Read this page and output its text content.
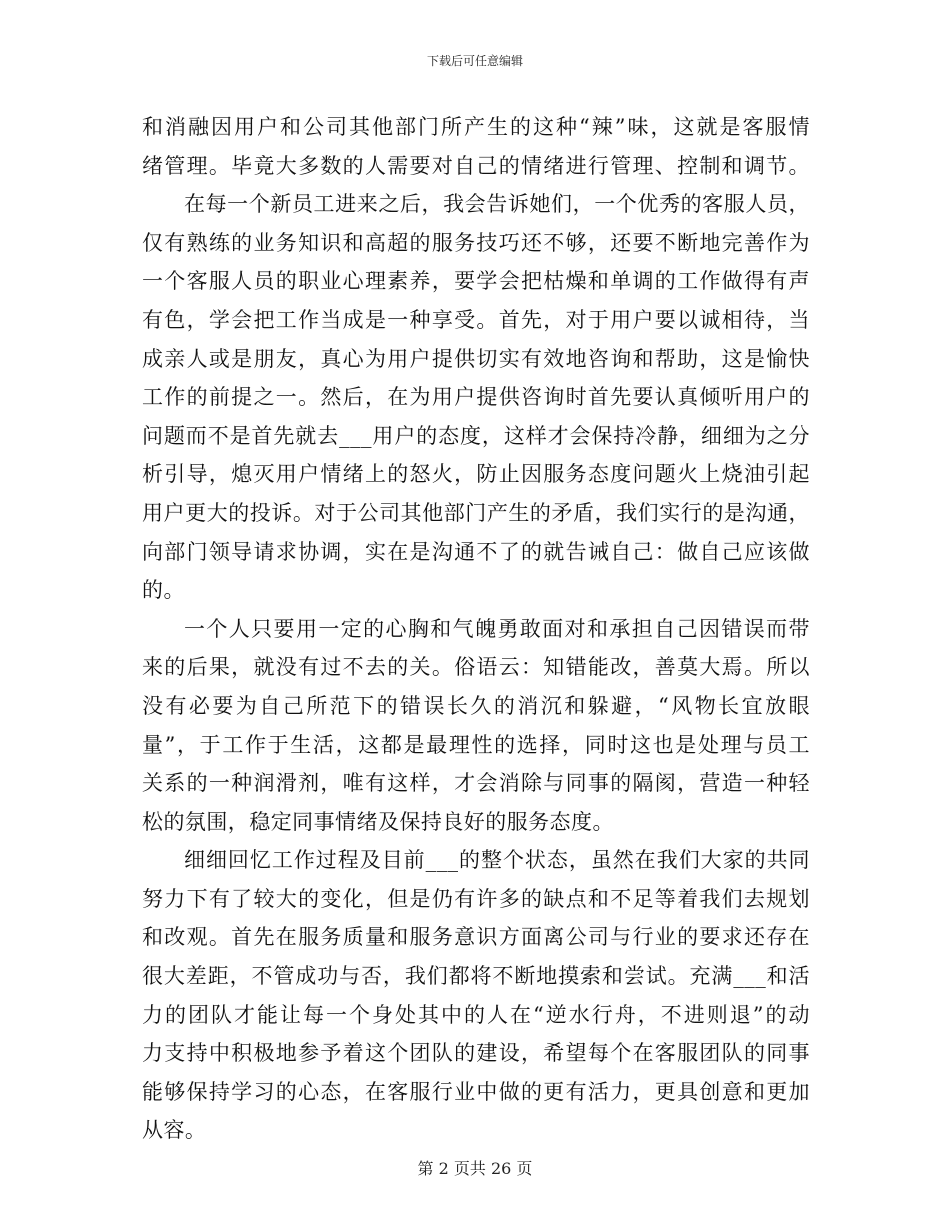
下载后可任意编辑
和消融因用户和公司其他部门所产生的这种“辣”味，这就是客服情
绪管理。毕竟大多数的人需要对自己的情绪进行管理、控制和调节。
在每一个新员工进来之后，我会告诉她们，一个优秀的客服人员，
仅有熟练的业务知识和高超的服务技巧还不够，还要不断地完善作为
一个客服人员的职业心理素养，要学会把枯燥和单调的工作做得有声
有色，学会把工作当成是一种享受。首先，对于用户要以诚相待，当
成亲人或是朋友，真心为用户提供切实有效地咨询和帮助，这是愉快
工作的前提之一。然后，在为用户提供咨询时首先要认真倾听用户的
问题而不是首先就去___用户的态度，这样才会保持冷静，细细为之分
析引导，熄灭用户情绪上的怒火，防止因服务态度问题火上烧油引起
用户更大的投诉。对于公司其他部门产生的矛盾，我们实行的是沟通，
向部门领导请求协调，实在是沟通不了的就告诫自己：做自己应该做
的。
一个人只要用一定的心胸和气魄勇敢面对和承担自己因错误而带
来的后果，就没有过不去的关。俗语云：知错能改，善莫大焉。所以
没有必要为自己所范下的错误长久的消沉和躲避，“风物长宜放眼
量”，于工作于生活，这都是最理性的选择，同时这也是处理与员工
关系的一种润滑剂，唯有这样，才会消除与同事的隔阂，营造一种轻
松的氛围，稳定同事情绪及保持良好的服务态度。
细细回忆工作过程及目前___的整个状态，虽然在我们大家的共同
努力下有了较大的变化，但是仍有许多的缺点和不足等着我们去规划
和改观。首先在服务质量和服务意识方面离公司与行业的要求还存在
很大差距，不管成功与否，我们都将不断地摸索和尝试。充满___和活
力的团队才能让每一个身处其中的人在“逆水行舟，不进则退”的动
力支持中积极地参予着这个团队的建设，希望每个在客服团队的同事
能够保持学习的心态，在客服行业中做的更有活力，更具创意和更加
从容。
第 2 页共 26 页
